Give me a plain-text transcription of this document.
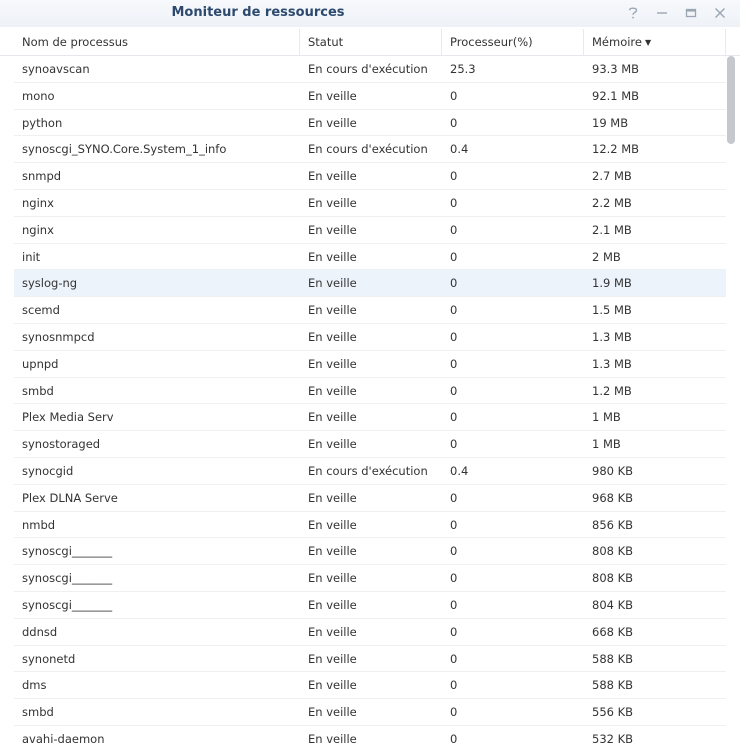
Moniteur de ressources
Nom de processus	Statut	Processeur(%)	Mémoire ▼
synoavscan	En cours d'exécution	25.3	93.3 MB
mono	En veille	0	92.1 MB
python	En veille	0	19 MB
synoscgi_SYNO.Core.System_1_info	En cours d'exécution	0.4	12.2 MB
snmpd	En veille	0	2.7 MB
nginx	En veille	0	2.2 MB
nginx	En veille	0	2.1 MB
init	En veille	0	2 MB
syslog-ng	En veille	0	1.9 MB
scemd	En veille	0	1.5 MB
synosnmpcd	En veille	0	1.3 MB
upnpd	En veille	0	1.3 MB
smbd	En veille	0	1.2 MB
Plex Media Serv	En veille	0	1 MB
synostoraged	En veille	0	1 MB
synocgid	En cours d'exécution	0.4	980 KB
Plex DLNA Serve	En veille	0	968 KB
nmbd	En veille	0	856 KB
synoscgi_______	En veille	0	808 KB
synoscgi_______	En veille	0	808 KB
synoscgi_______	En veille	0	804 KB
ddnsd	En veille	0	668 KB
synonetd	En veille	0	588 KB
dms	En veille	0	588 KB
smbd	En veille	0	556 KB
avahi-daemon	En veille	0	532 KB
